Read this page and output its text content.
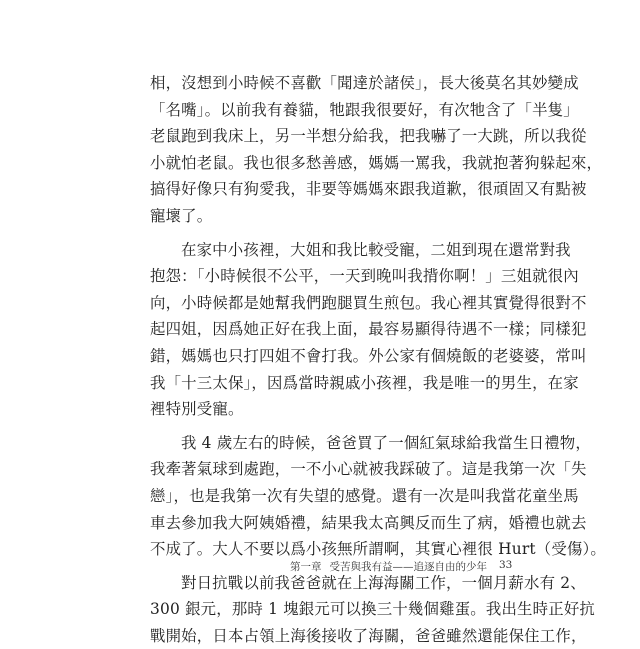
相，沒想到小時候不喜歡「聞達於諸侯」，長大後莫名其妙變成
「名嘴」。以前我有養貓，牠跟我很要好，有次牠含了「半隻」
老鼠跑到我床上，另一半想分給我，把我嚇了一大跳，所以我從
小就怕老鼠。我也很多愁善感，媽媽一罵我，我就抱著狗躲起來，
搞得好像只有狗愛我，非要等媽媽來跟我道歉，很頑固又有點被
寵壞了。
在家中小孩裡，大姐和我比較受寵，二姐到現在還常對我
抱怨：「小時候很不公平，一天到晚叫我揹你啊！」三姐就很內
向，小時候都是她幫我們跑腿買生煎包。我心裡其實覺得很對不
起四姐，因爲她正好在我上面，最容易顯得待遇不一樣；同樣犯
錯，媽媽也只打四姐不會打我。外公家有個燒飯的老婆婆，常叫
我「十三太保」，因爲當時親戚小孩裡，我是唯一的男生，在家
裡特別受寵。
我 4 歲左右的時候，爸爸買了一個紅氣球給我當生日禮物，
我牽著氣球到處跑，一不小心就被我踩破了。這是我第一次「失
戀」，也是我第一次有失望的感覺。還有一次是叫我當花童坐馬
車去參加我大阿姨婚禮，結果我太高興反而生了病，婚禮也就去
不成了。大人不要以爲小孩無所謂啊，其實心裡很 Hurt（受傷）。
對日抗戰以前我爸爸就在上海海關工作，一個月薪水有 2、
300 銀元，那時 1 塊銀元可以換三十幾個雞蛋。我出生時正好抗
戰開始，日本占領上海後接收了海關，爸爸雖然還能保住工作，
第一章 受苦與我有益——追逐自由的少年 33
